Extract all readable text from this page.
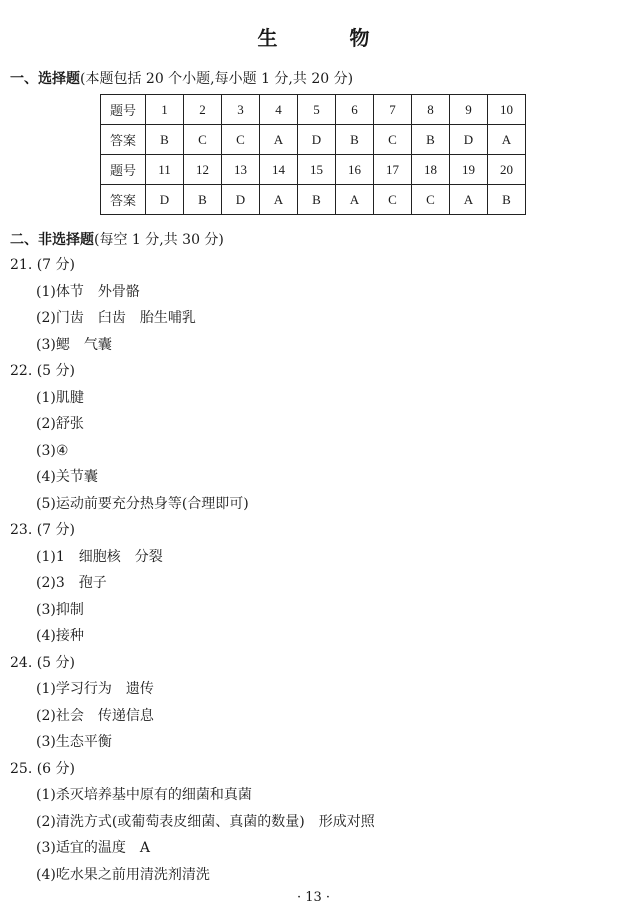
生　物
一、选择题(本题包括 20 个小题,每小题 1 分,共 20 分)
题号	1	2	3	4	5	6	7	8	9	10
答案	B	C	C	A	D	B	C	B	D	A
题号	11	12	13	14	15	16	17	18	19	20
答案	D	B	D	A	B	A	C	C	A	B
二、非选择题(每空 1 分,共 30 分)
21. (7 分)
(1)体节　外骨骼
(2)门齿　臼齿　胎生哺乳
(3)鳃　气囊
22. (5 分)
(1)肌腱
(2)舒张
(3)④
(4)关节囊
(5)运动前要充分热身等(合理即可)
23. (7 分)
(1)1　细胞核　分裂
(2)3　孢子
(3)抑制
(4)接种
24. (5 分)
(1)学习行为　遗传
(2)社会　传递信息
(3)生态平衡
25. (6 分)
(1)杀灭培养基中原有的细菌和真菌
(2)清洗方式(或葡萄表皮细菌、真菌的数量)　形成对照
(3)适宜的温度　A
(4)吃水果之前用清洗剂清洗
· 13 ·
